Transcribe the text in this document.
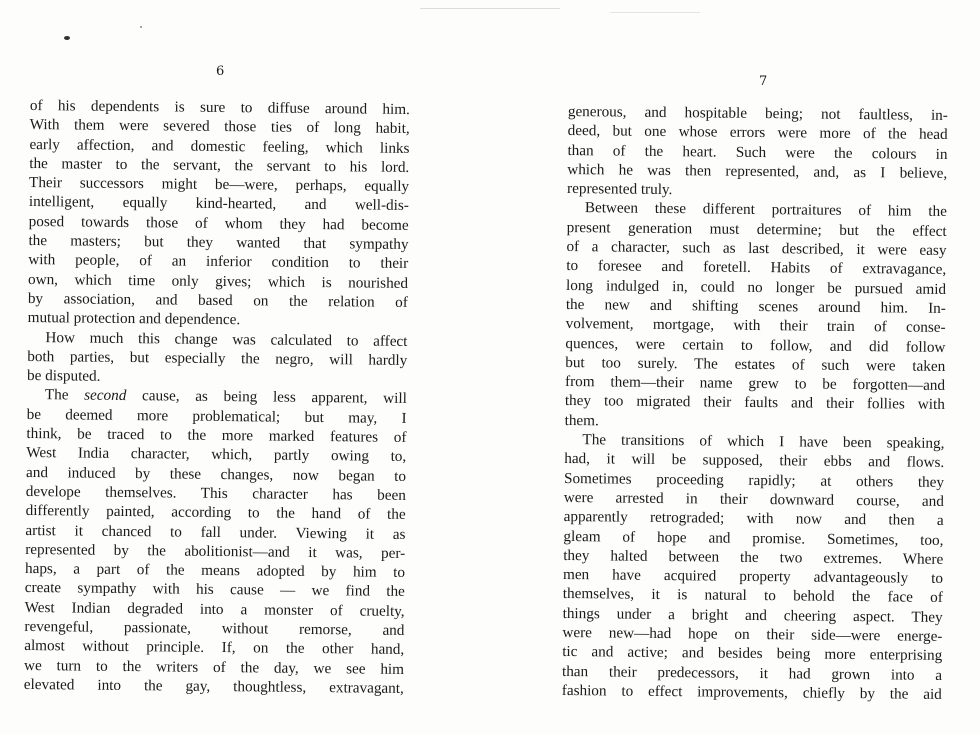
6
of his dependents is sure to diffuse around him.
With them were severed those ties of long habit,
early affection, and domestic feeling, which links
the master to the servant, the servant to his lord.
Their successors might be—were, perhaps, equally
intelligent, equally kind-hearted, and well-dis-
posed towards those of whom they had become
the masters; but they wanted that sympathy
with people, of an inferior condition to their
own, which time only gives; which is nourished
by association, and based on the relation of
mutual protection and dependence.
How much this change was calculated to affect
both parties, but especially the negro, will hardly
be disputed.
The second cause, as being less apparent, will
be deemed more problematical; but may, I
think, be traced to the more marked features of
West India character, which, partly owing to,
and induced by these changes, now began to
develope themselves. This character has been
differently painted, according to the hand of the
artist it chanced to fall under. Viewing it as
represented by the abolitionist—and it was, per-
haps, a part of the means adopted by him to
create sympathy with his cause — we find the
West Indian degraded into a monster of cruelty,
revengeful, passionate, without remorse, and
almost without principle. If, on the other hand,
we turn to the writers of the day, we see him
elevated into the gay, thoughtless, extravagant,
7
generous, and hospitable being; not faultless, in-
deed, but one whose errors were more of the head
than of the heart. Such were the colours in
which he was then represented, and, as I believe,
represented truly.
Between these different portraitures of him the
present generation must determine; but the effect
of a character, such as last described, it were easy
to foresee and foretell. Habits of extravagance,
long indulged in, could no longer be pursued amid
the new and shifting scenes around him. In-
volvement, mortgage, with their train of conse-
quences, were certain to follow, and did follow
but too surely. The estates of such were taken
from them—their name grew to be forgotten—and
they too migrated their faults and their follies with
them.
The transitions of which I have been speaking,
had, it will be supposed, their ebbs and flows.
Sometimes proceeding rapidly; at others they
were arrested in their downward course, and
apparently retrograded; with now and then a
gleam of hope and promise. Sometimes, too,
they halted between the two extremes. Where
men have acquired property advantageously to
themselves, it is natural to behold the face of
things under a bright and cheering aspect. They
were new—had hope on their side—were energe-
tic and active; and besides being more enterprising
than their predecessors, it had grown into a
fashion to effect improvements, chiefly by the aid
